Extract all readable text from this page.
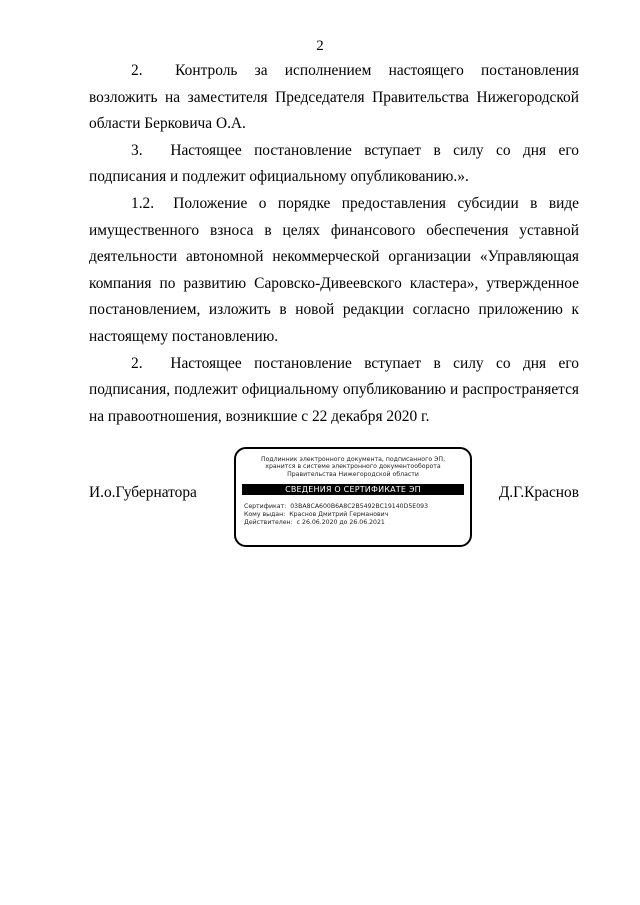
2

2.  Контроль за исполнением настоящего постановления возложить на заместителя Председателя Правительства Нижегородской области Берковича О.А.

3.  Настоящее постановление вступает в силу со дня его подписания и подлежит официальному опубликованию.».

1.2.  Положение о порядке предоставления субсидии в виде имущественного взноса в целях финансового обеспечения уставной деятельности автономной некоммерческой организации «Управляющая компания по развитию Саровско-Дивеевского кластера», утвержденное постановлением, изложить в новой редакции согласно приложению к настоящему постановлению.

2.  Настоящее постановление вступает в силу со дня его подписания, подлежит официальному опубликованию и распространяется на правоотношения, возникшие с 22 декабря 2020 г.

И.о.Губернатора	Д.Г.Краснов
Подлинник электронного документа, подписанного ЭП,
хранится в системе электронного документооборота
Правительства Нижегородской области
СВЕДЕНИЯ О СЕРТИФИКАТЕ ЭП
Сертификат: 03BA8CA600B6A8C2B5492BC19140D5E093
Кому выдан: Краснов Дмитрий Германович
Действителен: с 26.06.2020 до 26.06.2021
